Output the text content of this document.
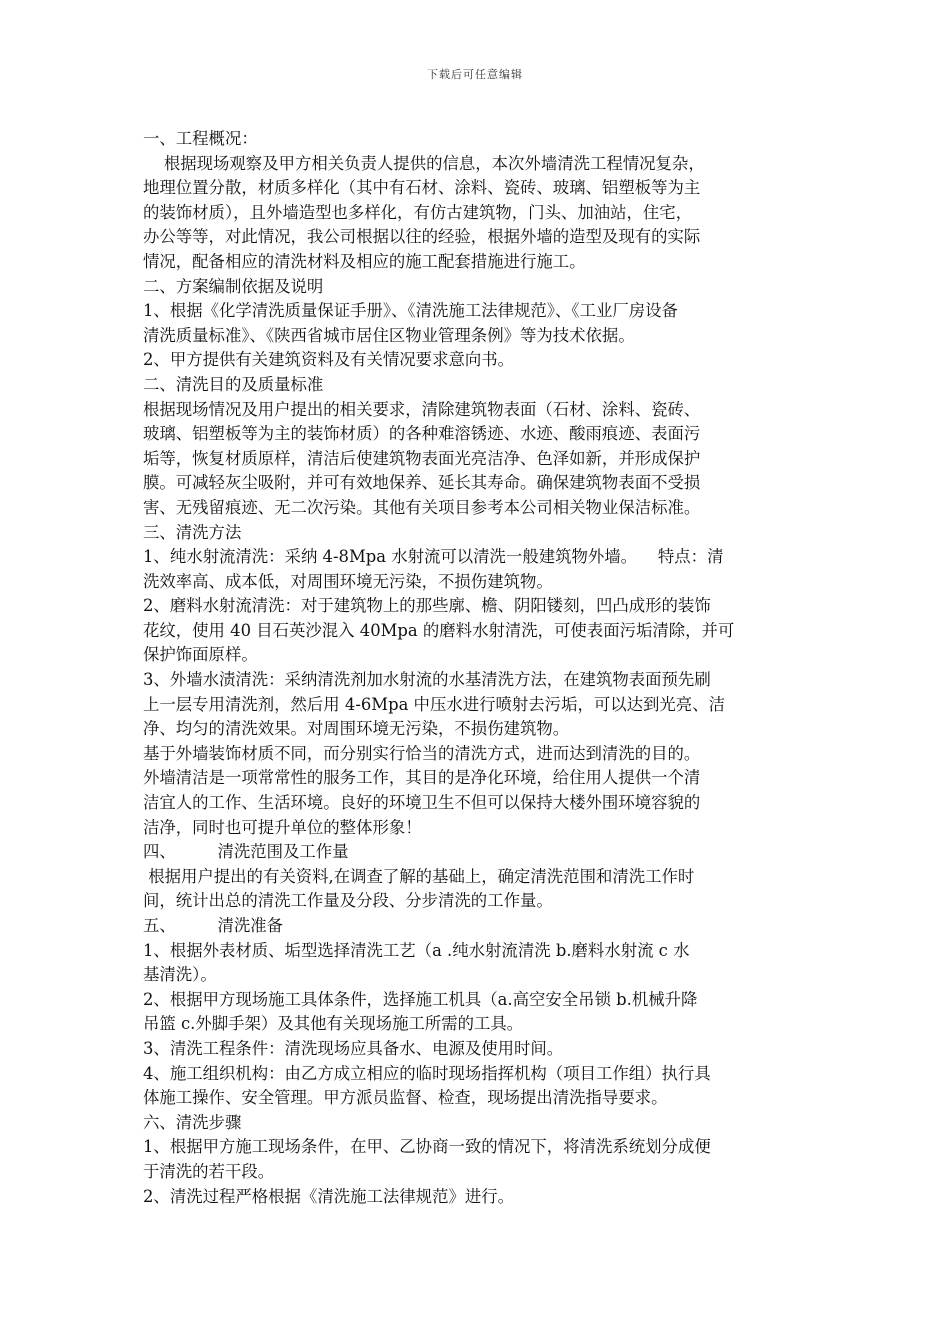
下载后可任意编辑
一、工程概况：
根据现场观察及甲方相关负责人提供的信息，本次外墙清洗工程情况复杂，
地理位置分散，材质多样化（其中有石材、涂料、瓷砖、玻璃、铝塑板等为主
的装饰材质），且外墙造型也多样化，有仿古建筑物，门头、加油站，住宅，
办公等等，对此情况，我公司根据以往的经验，根据外墙的造型及现有的实际
情况，配备相应的清洗材料及相应的施工配套措施进行施工。
二、方案编制依据及说明
1、根据《化学清洗质量保证手册》、《清洗施工法律规范》、《工业厂房设备
清洗质量标准》、《陕西省城市居住区物业管理条例》等为技术依据。
2、甲方提供有关建筑资料及有关情况要求意向书。
二、清洗目的及质量标准
根据现场情况及用户提出的相关要求，清除建筑物表面（石材、涂料、瓷砖、
玻璃、铝塑板等为主的装饰材质）的各种难溶锈迹、水迹、酸雨痕迹、表面污
垢等，恢复材质原样，清洁后使建筑物表面光亮洁净、色泽如新，并形成保护
膜。可减轻灰尘吸附，并可有效地保养、延长其寿命。确保建筑物表面不受损
害、无残留痕迹、无二次污染。其他有关项目参考本公司相关物业保洁标准。
三、清洗方法
1、纯水射流清洗：采纳 4-8Mpa 水射流可以清洗一般建筑物外墙。    特点：清
洗效率高、成本低，对周围环境无污染，不损伤建筑物。
2、磨料水射流清洗：对于建筑物上的那些廓、檐、阴阳镂刻，凹凸成形的装饰
花纹，使用 40 目石英沙混入 40Mpa 的磨料水射清洗，可使表面污垢清除，并可
保护饰面原样。
3、外墙水渍清洗：采纳清洗剂加水射流的水基清洗方法，在建筑物表面预先刷
上一层专用清洗剂，然后用 4-6Mpa 中压水进行喷射去污垢，可以达到光亮、洁
净、均匀的清洗效果。对周围环境无污染，不损伤建筑物。
基于外墙装饰材质不同，而分别实行恰当的清洗方式，进而达到清洗的目的。
外墙清洁是一项常常性的服务工作，其目的是净化环境，给住用人提供一个清
洁宜人的工作、生活环境。良好的环境卫生不但可以保持大楼外围环境容貌的
洁净，同时也可提升单位的整体形象！
四、        清洗范围及工作量
根据用户提出的有关资料,在调查了解的基础上，确定清洗范围和清洗工作时
间，统计出总的清洗工作量及分段、分步清洗的工作量。
五、        清洗准备
1、根据外表材质、垢型选择清洗工艺（a .纯水射流清洗 b.磨料水射流 c 水
基清洗）。
2、根据甲方现场施工具体条件，选择施工机具（a.高空安全吊锁 b.机械升降
吊篮 c.外脚手架）及其他有关现场施工所需的工具。
3、清洗工程条件：清洗现场应具备水、电源及使用时间。
4、施工组织机构：由乙方成立相应的临时现场指挥机构（项目工作组）执行具
体施工操作、安全管理。甲方派员监督、检查，现场提出清洗指导要求。
六、清洗步骤
1、根据甲方施工现场条件，在甲、乙协商一致的情况下，将清洗系统划分成便
于清洗的若干段。
2、清洗过程严格根据《清洗施工法律规范》进行。
